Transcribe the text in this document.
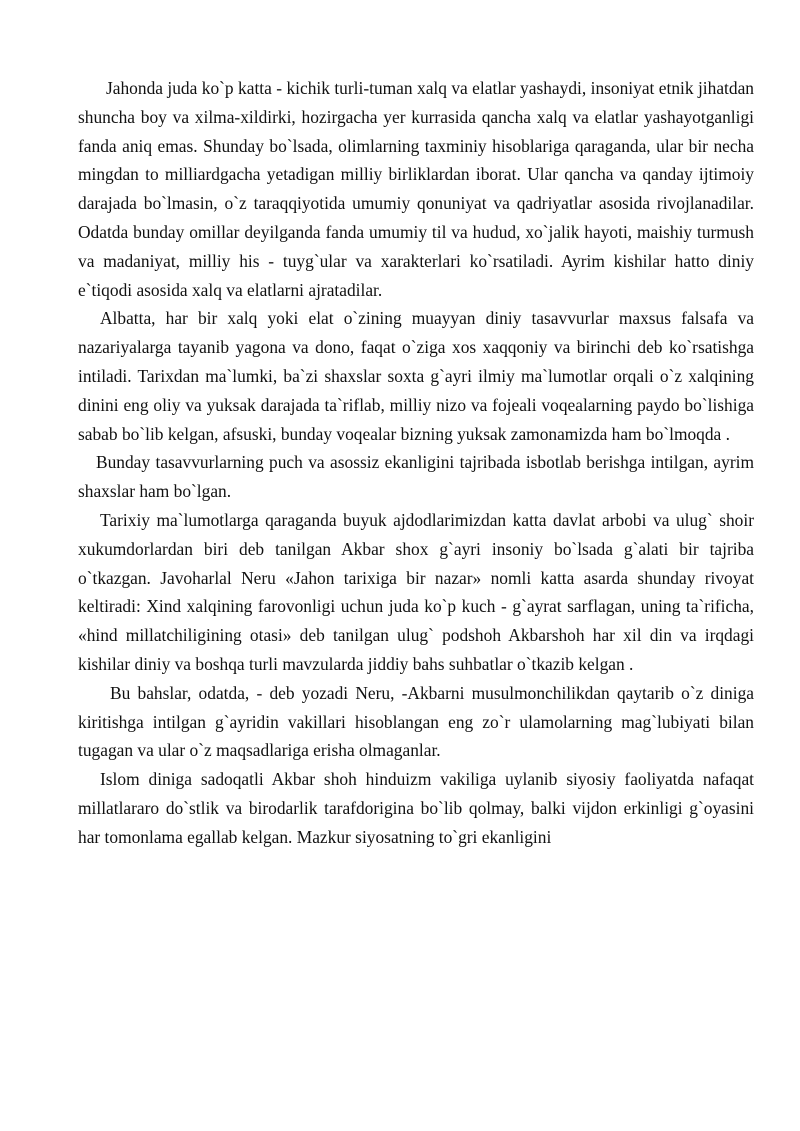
Jahonda juda ko`p katta - kichik turli-tuman xalq va elatlar yashaydi, insoniyat etnik jihatdan shuncha boy va xilma-xildirki, hozirgacha yer kurrasida qancha xalq va elatlar yashayotganligi fanda aniq emas. Shunday bo`lsada, olimlarning taxminiy hisoblariga qaraganda, ular bir necha mingdan to milliardgacha yetadigan milliy birliklardan iborat. Ular qancha va qanday ijtimoiy darajada bo`lmasin, o`z taraqqiyotida umumiy qonuniyat va qadriyatlar asosida rivojlanadilar. Odatda bunday omillar deyilganda fanda umumiy til va hudud, xo`jalik hayoti, maishiy turmush va madaniyat, milliy his - tuyg`ular va xarakterlari ko`rsatiladi. Ayrim kishilar hatto diniy e`tiqodi asosida xalq va elatlarni ajratadilar.

Albatta, har bir xalq yoki elat o`zining muayyan diniy tasavvurlar maxsus falsafa va nazariyalarga tayanib yagona va dono, faqat o`ziga xos xaqqoniy va birinchi deb ko`rsatishga intiladi. Tarixdan ma`lumki, ba`zi shaxslar soxta g`ayri ilmiy ma`lumotlar orqali o`z xalqining dinini eng oliy va yuksak darajada ta`riflab, milliy nizo va fojeali voqealarning paydo bo`lishiga sabab bo`lib kelgan, afsuski, bunday voqealar bizning yuksak zamonamizda ham bo`lmoqda .

Bunday tasavvurlarning puch va asossiz ekanligini tajribada isbotlab berishga intilgan, ayrim shaxslar ham bo`lgan.

Tarixiy ma`lumotlarga qaraganda buyuk ajdodlarimizdan katta davlat arbobi va ulug` shoir xukumdorlardan biri deb tanilgan Akbar shox g`ayri insoniy bo`lsada g`alati bir tajriba o`tkazgan. Javoharlal Neru «Jahon tarixiga bir nazar» nomli katta asarda shunday rivoyat keltiradi: Xind xalqining farovonligi uchun juda ko`p kuch - g`ayrat sarflagan, uning ta`rificha, «hind millatchiligining otasi» deb tanilgan ulug` podshoh Akbarshoh har xil din va irqdagi kishilar diniy va boshqa turli mavzularda jiddiy bahs suhbatlar o`tkazib kelgan .

Bu bahslar, odatda, - deb yozadi Neru, -Akbarni musulmonchilikdan qaytarib o`z diniga kiritishga intilgan g`ayridin vakillari hisoblangan eng zo`r ulamolarning mag`lubiyati bilan tugagan va ular o`z maqsadlariga erisha olmaganlar.

Islom diniga sadoqatli Akbar shoh hinduizm vakiliga uylanib siyosiy faoliyatda nafaqat millatlararo do`stlik va birodarlik tarafdorigina bo`lib qolmay, balki vijdon erkinligi g`oyasini har tomonlama egallab kelgan. Mazkur siyosatning to`gri ekanligini
